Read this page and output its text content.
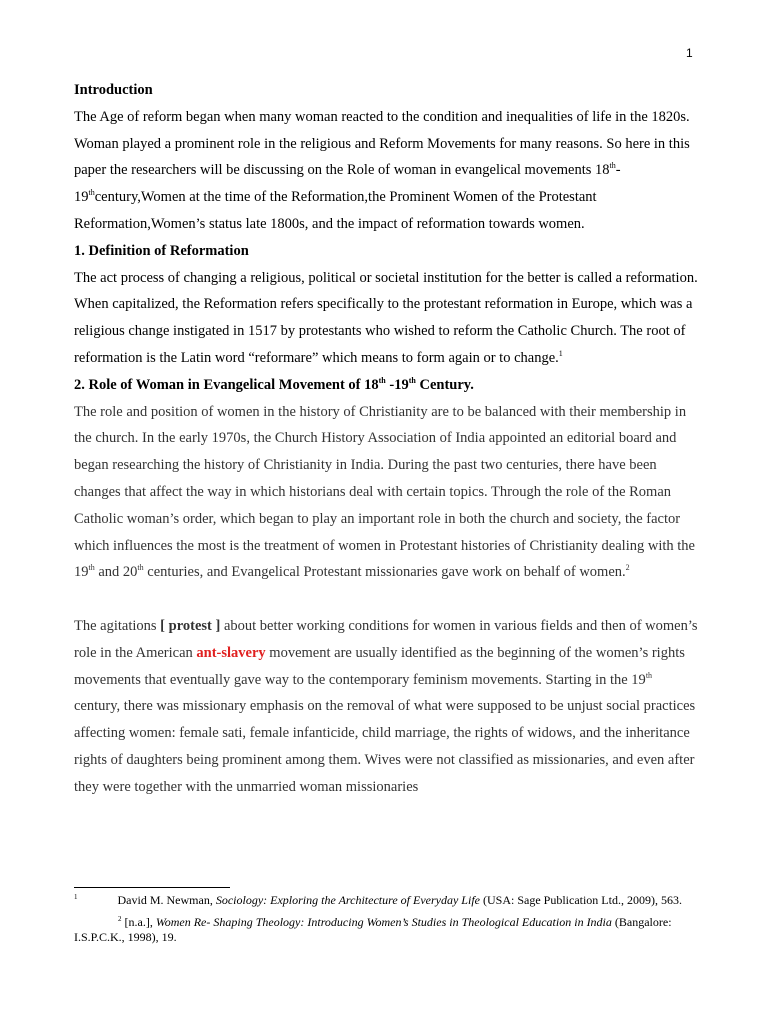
1

Introduction

The Age of reform began when many woman reacted to the condition and inequalities of life in the 1820s. Woman played a prominent role in the religious and Reform Movements for many reasons. So here in this paper the researchers will be discussing on the Role of woman in evangelical movements 18th- 19thcentury,Women at the time of the Reformation,the Prominent Women of the Protestant Reformation,Women’s status late 1800s, and the impact of reformation towards women.

1. Definition of Reformation

The act process of changing a religious, political or societal institution for the better is called a reformation. When capitalized, the Reformation refers specifically to the protestant reformation in Europe, which was a religious change instigated in 1517 by protestants who wished to reform the Catholic Church. The root of reformation is the Latin word “reformare” which means to form again or to change.$^1$

2. Role of Woman in Evangelical Movement of 18th -19th Century.

The role and position of women in the history of Christianity are to be balanced with their membership in the church. In the early 1970s, the Church History Association of India appointed an editorial board and began researching the history of Christianity in India. During the past two centuries, there have been changes that affect the way in which historians deal with certain topics. Through the role of the Roman Catholic woman’s order, which began to play an important role in both the church and society, the factor which influences the most is the treatment of women in Protestant histories of Christianity dealing with the 19th and 20th centuries, and Evangelical Protestant missionaries gave work on behalf of women.$^2$

The agitations [ protest ] about better working conditions for women in various fields and then of women’s role in the American ant-slavery movement are usually identified as the beginning of the women’s rights movements that eventually gave way to the contemporary feminism movements. Starting in the 19th century, there was missionary emphasis on the removal of what were supposed to be unjust social practices affecting women: female sati, female infanticide, child marriage, the rights of widows, and the inheritance rights of daughters being prominent among them. Wives were not classified as missionaries, and even after they were together with the unmarried woman missionaries

$^1$	David M. Newman, Sociology: Exploring the Architecture of Everyday Life (USA: Sage Publication Ltd., 2009), 563.

$^2$ [n.a.], Women Re- Shaping Theology: Introducing Women’s Studies in Theological Education in India (Bangalore: I.S.P.C.K., 1998), 19.
